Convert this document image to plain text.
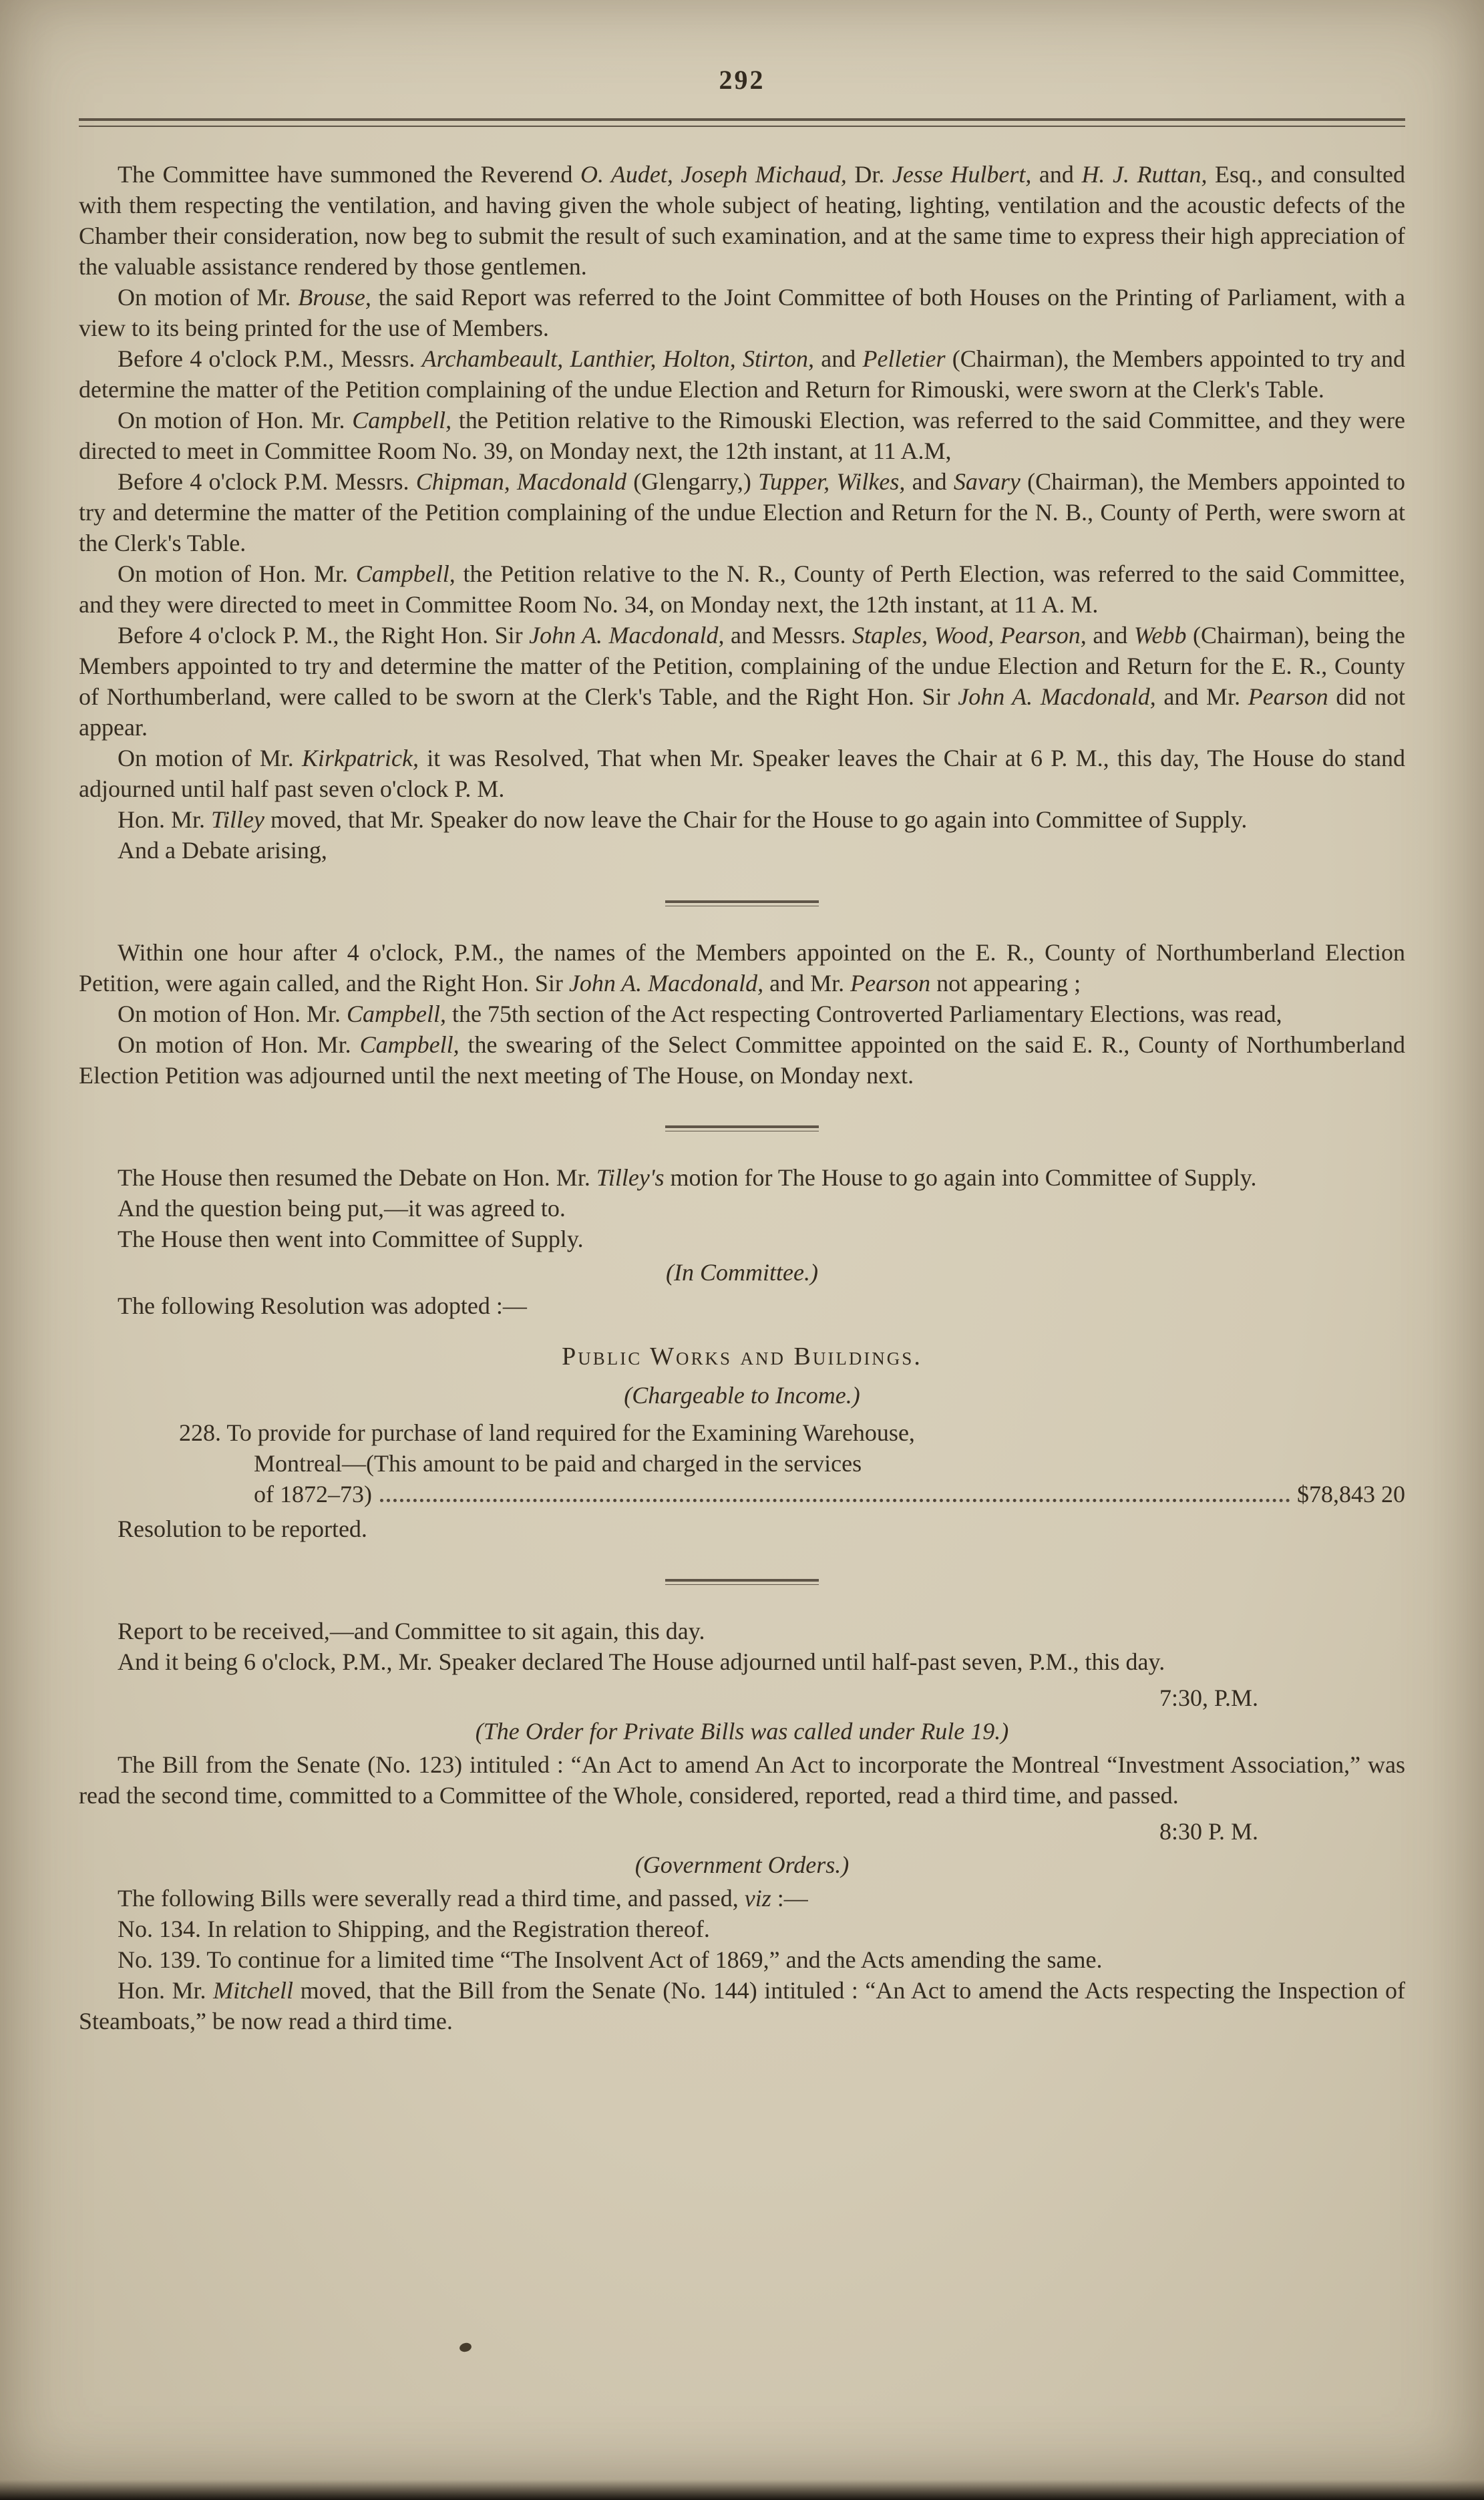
292

The Committee have summoned the Reverend O. Audet, Joseph Michaud, Dr. Jesse Hulbert, and H. J. Ruttan, Esq., and consulted with them respecting the ventilation, and having given the whole subject of heating, lighting, ventilation and the acoustic defects of the Chamber their consideration, now beg to submit the result of such examination, and at the same time to express their high appreciation of the valuable assistance rendered by those gentlemen.

On motion of Mr. Brouse, the said Report was referred to the Joint Committee of both Houses on the Printing of Parliament, with a view to its being printed for the use of Members.

Before 4 o'clock P.M., Messrs. Archambeault, Lanthier, Holton, Stirton, and Pelletier (Chairman), the Members appointed to try and determine the matter of the Petition complaining of the undue Election and Return for Rimouski, were sworn at the Clerk's Table.

On motion of Hon. Mr. Campbell, the Petition relative to the Rimouski Election, was referred to the said Committee, and they were directed to meet in Committee Room No. 39, on Monday next, the 12th instant, at 11 A.M,

Before 4 o'clock P.M. Messrs. Chipman, Macdonald (Glengarry,) Tupper, Wilkes, and Savary (Chairman), the Members appointed to try and determine the matter of the Petition complaining of the undue Election and Return for the N. B., County of Perth, were sworn at the Clerk's Table.

On motion of Hon. Mr. Campbell, the Petition relative to the N. R., County of Perth Election, was referred to the said Committee, and they were directed to meet in Committee Room No. 34, on Monday next, the 12th instant, at 11 A. M.

Before 4 o'clock P. M., the Right Hon. Sir John A. Macdonald, and Messrs. Staples, Wood, Pearson, and Webb (Chairman), being the Members appointed to try and determine the matter of the Petition, complaining of the undue Election and Return for the E. R., County of Northumberland, were called to be sworn at the Clerk's Table, and the Right Hon. Sir John A. Macdonald, and Mr. Pearson did not appear.

On motion of Mr. Kirkpatrick, it was Resolved, That when Mr. Speaker leaves the Chair at 6 P. M., this day, The House do stand adjourned until half past seven o'clock P. M.

Hon. Mr. Tilley moved, that Mr. Speaker do now leave the Chair for the House to go again into Committee of Supply.

And a Debate arising,

Within one hour after 4 o'clock, P.M., the names of the Members appointed on the E. R., County of Northumberland Election Petition, were again called, and the Right Hon. Sir John A. Macdonald, and Mr. Pearson not appearing ;

On motion of Hon. Mr. Campbell, the 75th section of the Act respecting Controverted Parliamentary Elections, was read,

On motion of Hon. Mr. Campbell, the swearing of the Select Committee appointed on the said E. R., County of Northumberland Election Petition was adjourned until the next meeting of The House, on Monday next.

The House then resumed the Debate on Hon. Mr. Tilley's motion for The House to go again into Committee of Supply.

And the question being put,—it was agreed to.

The House then went into Committee of Supply.

(In Committee.)

The following Resolution was adopted :—

Public Works and Buildings.
(Chargeable to Income.)
228. To provide for purchase of land required for the Examining Warehouse,
Montreal—(This amount to be paid and charged in the services
of 1872–73)	$78,843 20

Resolution to be reported.

Report to be received,—and Committee to sit again, this day.

And it being 6 o'clock, P.M., Mr. Speaker declared The House adjourned until half-past seven, P.M., this day.

7:30, P.M.
(The Order for Private Bills was called under Rule 19.)

The Bill from the Senate (No. 123) intituled : “An Act to amend An Act to incorporate the Montreal “Investment Association,” was read the second time, committed to a Committee of the Whole, considered, reported, read a third time, and passed.

8:30 P. M.
(Government Orders.)

The following Bills were severally read a third time, and passed, viz :—

No. 134. In relation to Shipping, and the Registration thereof.

No. 139. To continue for a limited time “The Insolvent Act of 1869,” and the Acts amending the same.

Hon. Mr. Mitchell moved, that the Bill from the Senate (No. 144) intituled : “An Act to amend the Acts respecting the Inspection of Steamboats,” be now read a third time.
